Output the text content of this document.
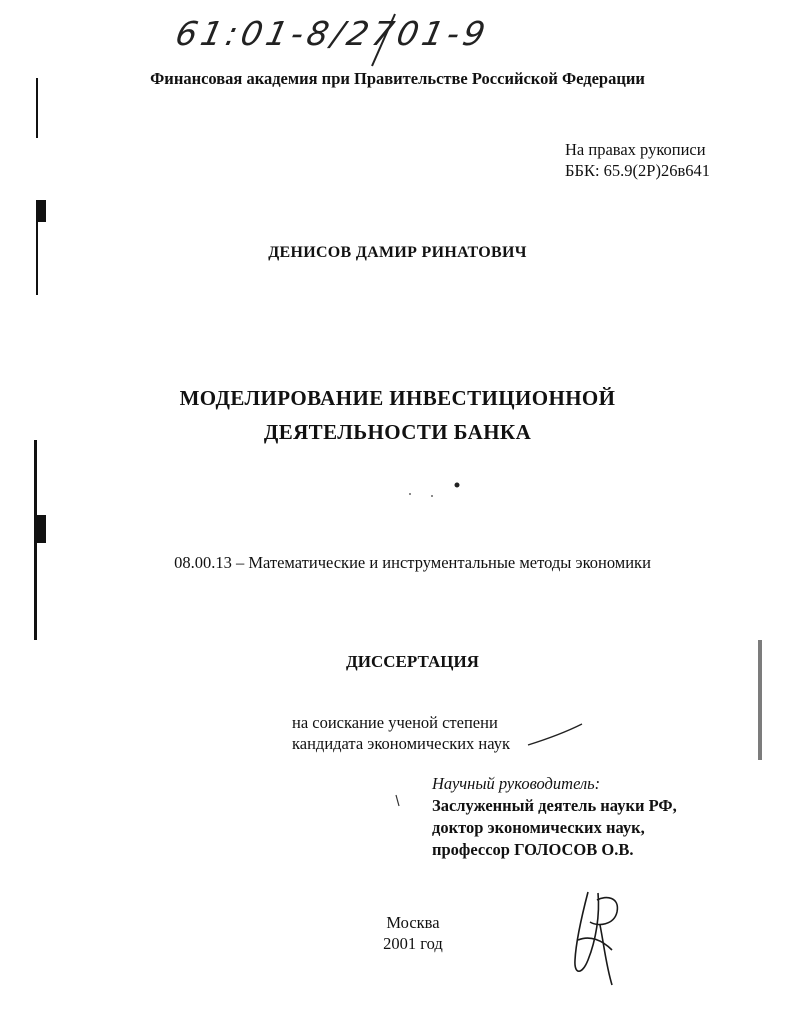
61:01-8/2701-9
Финансовая академия при Правительстве Российской Федерации
На правах рукописи
ББК: 65.9(2Р)26в641
ДЕНИСОВ ДАМИР РИНАТОВИЧ
МОДЕЛИРОВАНИЕ ИНВЕСТИЦИОННОЙ
ДЕЯТЕЛЬНОСТИ БАНКА
08.00.13 – Математические и инструментальные методы экономики
ДИССЕРТАЦИЯ
на соискание ученой степени
кандидата экономических наук
Научный руководитель:
Заслуженный деятель науки РФ,
доктор экономических наук,
профессор ГОЛОСОВ О.В.
Москва
2001 год
